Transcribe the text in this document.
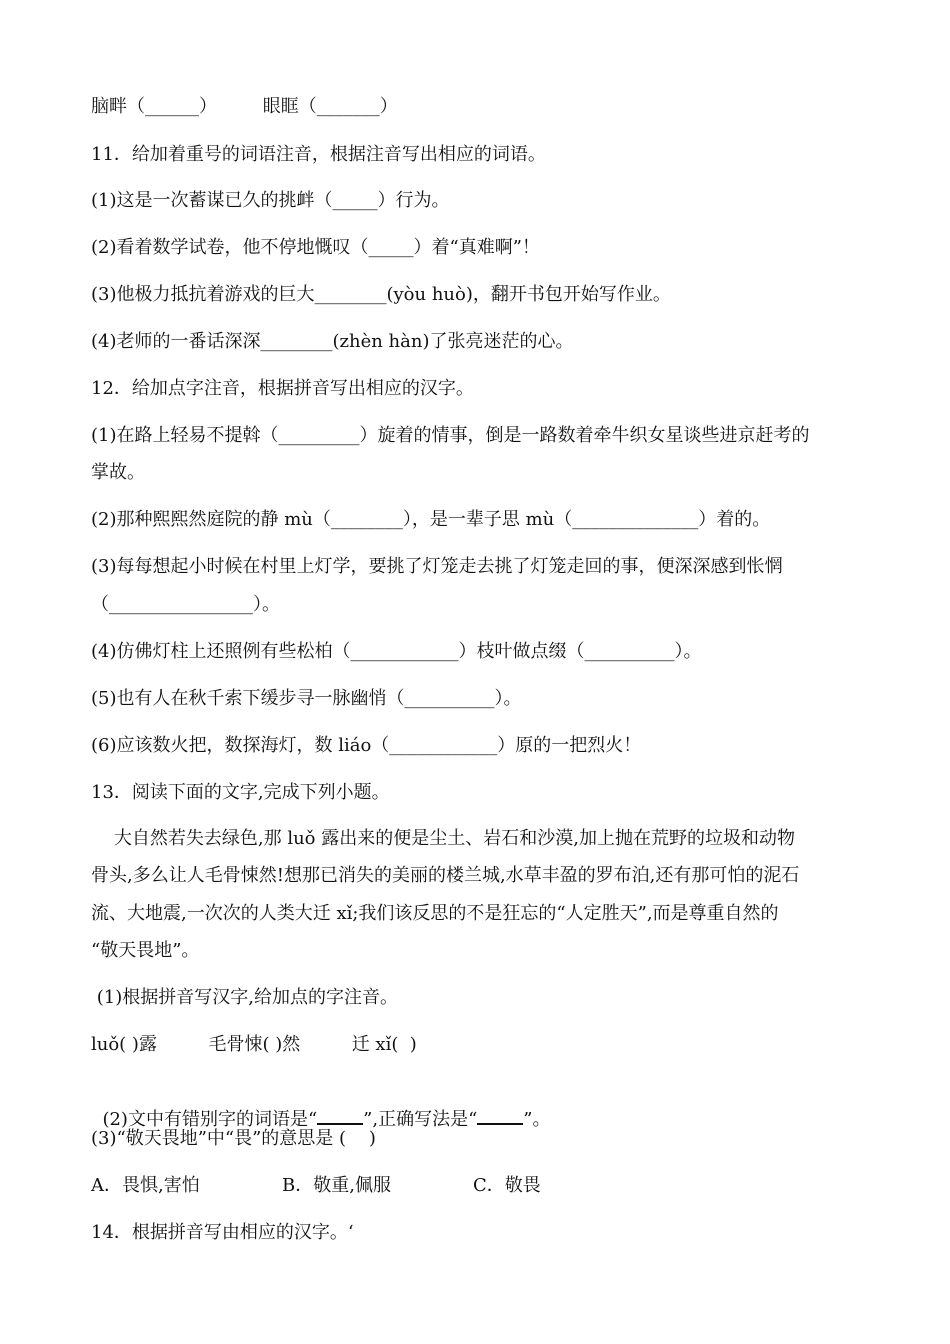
脑畔（______）        眼眶（_______）
11．给加着重号的词语注音，根据注音写出相应的词语。
(1)这是一次蓄谋已久的挑衅（_____）行为。
(2)看着数学试卷，他不停地慨叹（_____）着“真难啊”！
(3)他极力抵抗着游戏的巨大________(yòu huò)，翻开书包开始写作业。
(4)老师的一番话深深________(zhèn hàn)了张亮迷茫的心。
12．给加点字注音，根据拼音写出相应的汉字。
(1)在路上轻易不提斡（_________）旋着的情事，倒是一路数着牵牛织女星谈些进京赶考的
掌故。
(2)那种熙熙然庭院的静 mù（________），是一辈子思 mù（______________）着的。
(3)每每想起小时候在村里上灯学，要挑了灯笼走去挑了灯笼走回的事，便深深感到怅惘
（________________）。
(4)仿佛灯柱上还照例有些松柏（____________）枝叶做点缀（__________）。
(5)也有人在秋千索下缓步寻一脉幽悄（__________）。
(6)应该数火把，数探海灯，数 liáo（____________）原的一把烈火！
13．阅读下面的文字,完成下列小题。
大自然若失去绿色,那 luǒ 露出来的便是尘土、岩石和沙漠,加上抛在荒野的垃圾和动物
骨头,多么让人毛骨悚然!想那已消失的美丽的楼兰城,水草丰盈的罗布泊,还有那可怕的泥石
流、大地震,一次次的人类大迁 xǐ;我们该反思的不是狂忘的“人定胜天”,而是尊重自然的
“敬天畏地”。
(1)根据拼音写汉字,给加点的字注音。
luǒ( )露         毛骨悚( )然         迁 xǐ(  )

(2)文中有错别字的词语是“	”,正确写法是“	”。

(3)“敬天畏地”中“畏”的意思是 (    )
A．畏惧,害怕	B．敬重,佩服	C．敬畏
14．根据拼音写由相应的汉字。‘
